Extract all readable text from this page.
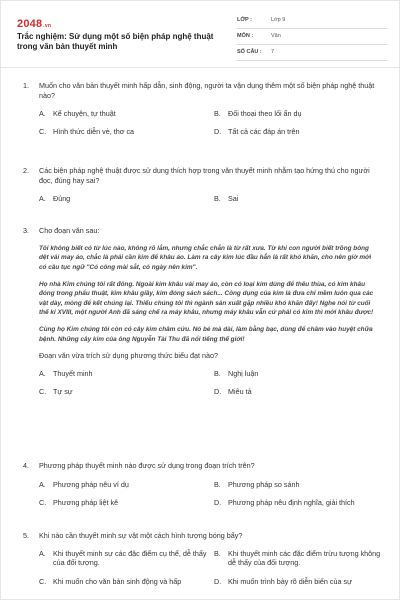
2048.vn
Trắc nghiệm: Sử dụng một số biện pháp nghệ thuật trong văn bản thuyết minh
LỚP :	Lớp 9
MÔN :	Văn
SỐ CÂU :	7
1.	Muốn cho văn bản thuyết minh hấp dẫn, sinh động, người ta vận dụng thêm một số biện pháp nghệ thuật nào?
A.	Kể chuyện, tự thuật	B.	Đối thoại theo lối ẩn dụ
C. Hình thức diễn vè, thơ ca	D. Tất cả các đáp án trên
2.	Các biện pháp nghệ thuật được sử dụng thích hợp trong văn thuyết minh nhằm tạo hứng thú cho người đọc, đúng hay sai?
A.	Đúng	B.	Sai
3.	Cho đoạn văn sau:

Tôi không biết có từ lúc nào, không rõ lắm, nhưng chắc chắn là từ rất xưa. Từ khi con người biết trồng bông dệt vải may áo, chắc là phải cần kim để khâu áo. Làm ra cây kim lúc đầu hẳn là rất khó khăn, cho nên giờ mới có câu tục ngữ "Có công mài sắt, có ngày nên kim".

Họ nhà Kim chúng tôi rất đông. Ngoài kim khâu vải may áo, còn có loại kim dùng để thêu thùa, có kim khâu đóng trong phẩu thuật, kim khâu giầy, kim đóng sách sách... Công dụng của kim là đưa chỉ mềm luôn qua các vật dày, mỏng để kết chúng lại. Thiếu chúng tôi thì ngành sản xuất gặp nhiều khó khăn đấy! Nghe nói từ cuối thế kỉ XVIII, một người Anh đã sáng chế ra máy khâu, nhưng máy khâu vẫn cứ phải có kim thì mới khâu được!

Cùng họ Kim chúng tôi còn có cây kim châm cứu. Nó bé mà dài, làm bằng bạc, dùng để châm vào huyệt chữa bệnh. Những cây kim của ông Nguyễn Tài Thu đã nổi tiếng thế giới!

Đoạn văn vừa trích sử dụng phương thức biểu đạt nào?
A.	Thuyết minh	B.	Nghị luận
C. Tự sự	D. Miêu tả
4.	Phương pháp thuyết minh nào được sử dụng trong đoạn trích trên?
A.	Phương pháp nêu ví dụ	B.	Phương pháp so sánh
C. Phương pháp liệt kê	D. Phương pháp nêu định nghĩa, giải thích
5.	Khi nào cần thuyết minh sự vật một cách hình tượng bóng bẩy?
A.	Khi thuyết minh sự các đặc điểm cụ thể, dễ thấy của đối tượng.
B.	Khi thuyết minh các đặc điểm trừu tượng không dễ thấy của đối tượng.
C. Khi muốn cho văn bản sinh động và hấp	D. Khi muốn trình bày rõ diễn biến của sự
